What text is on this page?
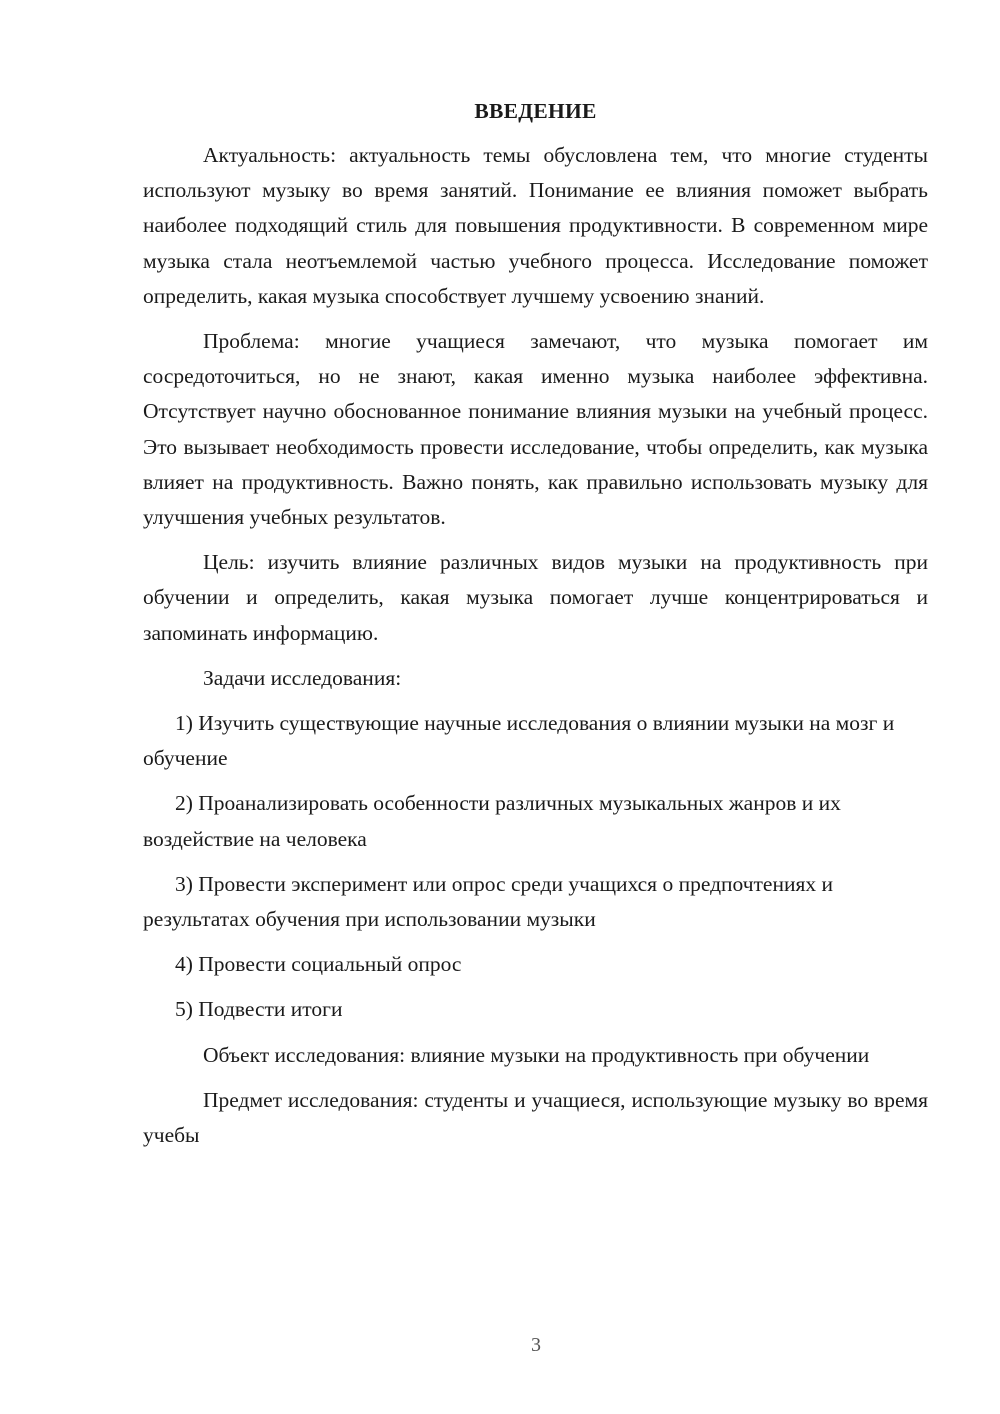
ВВЕДЕНИЕ

Актуальность: актуальность темы обусловлена тем, что многие студенты используют музыку во время занятий. Понимание ее влияния поможет выбрать наиболее подходящий стиль для повышения продуктивности. В современном мире музыка стала неотъемлемой частью учебного процесса. Исследование поможет определить, какая музыка способствует лучшему усвоению знаний.

Проблема: многие учащиеся замечают, что музыка помогает им сосредоточиться, но не знают, какая именно музыка наиболее эффективна. Отсутствует научно обоснованное понимание влияния музыки на учебный процесс. Это вызывает необходимость провести исследование, чтобы определить, как музыка влияет на продуктивность. Важно понять, как правильно использовать музыку для улучшения учебных результатов.

Цель: изучить влияние различных видов музыки на продуктивность при обучении и определить, какая музыка помогает лучше концентрироваться и запоминать информацию.

Задачи исследования:

1) Изучить существующие научные исследования о влиянии музыки на мозг и обучение

2) Проанализировать особенности различных музыкальных жанров и их воздействие на человека

3) Провести эксперимент или опрос среди учащихся о предпочтениях и результатах обучения при использовании музыки

4) Провести социальный опрос

5) Подвести итоги

Объект исследования: влияние музыки на продуктивность при обучении

Предмет исследования: студенты и учащиеся, использующие музыку во время учебы

3
